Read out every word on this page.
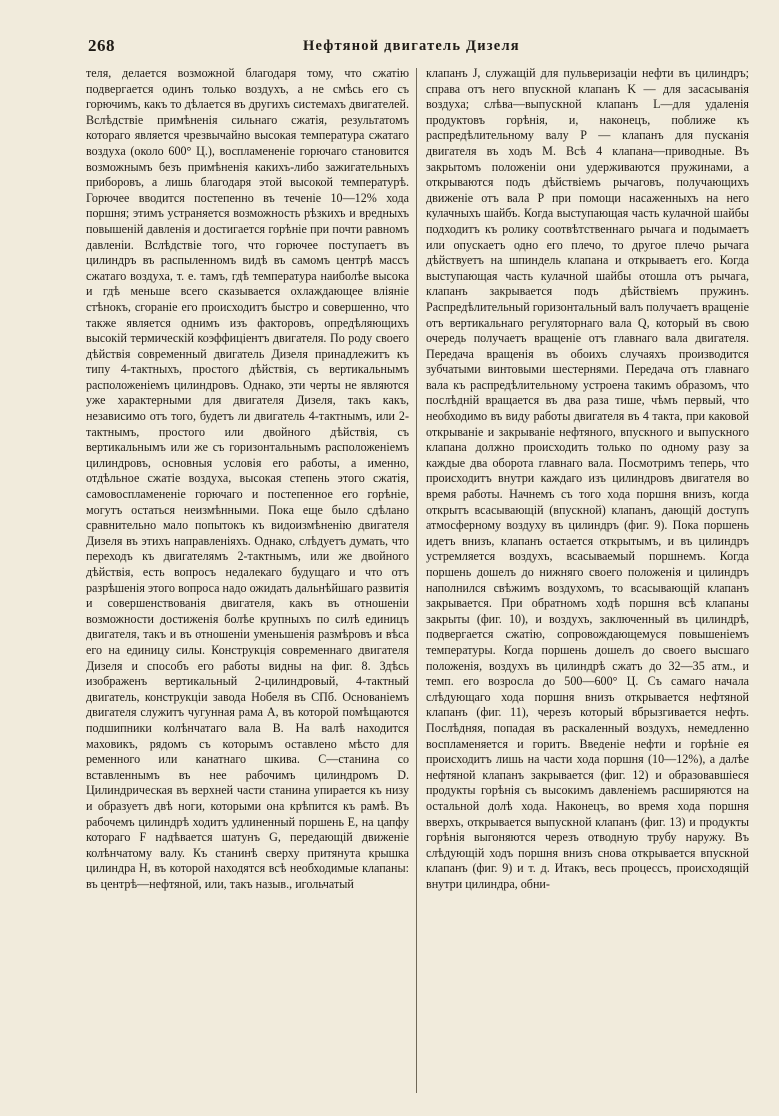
268	Нефтяной двигатель Дизеля
теля, делается возможной благодаря тому, что сжатію подвергается одинъ только воздухъ, а не смѣсь его съ горючимъ, какъ то дѣлается въ другихъ системахъ двигателей. Вслѣдствіе примѣненія сильнаго сжатія, результатомъ котораго является чрезвычайно высокая температура сжатаго воздуха (около 600° Ц.), воспламененіе горючаго становится возможнымъ безъ примѣненія какихъ-либо зажигательныхъ приборовъ, а лишь благодаря этой высокой температурѣ. Горючее вводится постепенно въ теченіе 10—12% хода поршня; этимъ устраняется возможность рѣзкихъ и вредныхъ повышеній давленія и достигается горѣніе при почти равномъ давленіи. Вслѣдствіе того, что горючее поступаетъ въ цилиндръ въ распыленномъ видѣ въ самомъ центрѣ массъ сжатаго воздуха, т. е. тамъ, гдѣ температура наиболѣе высока и гдѣ меньше всего сказывается охлаждающее вліяніе стѣнокъ, сгораніе его происходитъ быстро и совершенно, что также является однимъ изъ факторовъ, опредѣляющихъ высокій термическій коэффиціентъ двигателя. По роду своего дѣйствія современный двигатель Дизеля принадлежитъ къ типу 4-тактныхъ, простого дѣйствія, съ вертикальнымъ расположеніемъ цилиндровъ. Однако, эти черты не являются уже характерными для двигателя Дизеля, такъ какъ, независимо отъ того, будетъ ли двигатель 4-тактнымъ, или 2-тактнымъ, простого или двойного дѣйствія, съ вертикальнымъ или же съ горизонтальнымъ расположеніемъ цилиндровъ, основныя условія его работы, а именно, отдѣльное сжатіе воздуха, высокая степень этого сжатія, самовоспламененіе горючаго и постепенное его горѣніе, могутъ остаться неизмѣнными. Пока еще было сдѣлано сравнительно мало попытокъ къ видоизмѣненію двигателя Дизеля въ этихъ направленіяхъ. Однако, слѣдуетъ думать, что переходъ къ двигателямъ 2-тактнымъ, или же двойного дѣйствія, есть вопросъ недалекаго будущаго и что отъ разрѣшенія этого вопроса надо ожидать дальнѣйшаго развитія и совершенствованія двигателя, какъ въ отношеніи возможности достиженія болѣе крупныхъ по силѣ единицъ двигателя, такъ и въ отношеніи уменьшенія размѣровъ и вѣса его на единицу силы. Конструкція современнаго двигателя Дизеля и способъ его работы видны на фиг. 8. Здѣсь изображенъ вертикальный 2-цилиндровый, 4-тактный двигатель, конструкціи завода Нобеля въ СПб. Основаніемъ двигателя служитъ чугунная рама A, въ которой помѣщаются подшипники колѣнчатаго вала B. На валѣ находится маховикъ, рядомъ съ которымъ оставлено мѣсто для ременного или канатнаго шкива. C—станина со вставленнымъ въ нее рабочимъ цилиндромъ D. Цилиндрическая въ верхней части станина упирается къ низу и образуетъ двѣ ноги, которыми она крѣпится къ рамѣ. Въ рабочемъ цилиндрѣ ходитъ удлиненный поршень E, на цапфу котораго F надѣвается шатунъ G, передающій движеніе колѣнчатому валу. Къ станинѣ сверху притянута крышка цилиндра H, въ которой находятся всѣ необходимые клапаны: въ центрѣ—нефтяной, или, такъ назыв., игольчатый
клапанъ J, служащій для пульверизаціи нефти въ цилиндръ; справа отъ него впускной клапанъ K — для засасыванія воздуха; слѣва—выпускной клапанъ L—для удаленія продуктовъ горѣнія, и, наконецъ, поближе къ распредѣлительному валу P — клапанъ для пусканія двигателя въ ходъ M. Всѣ 4 клапана—приводные. Въ закрытомъ положеніи они удерживаются пружинами, а открываются подъ дѣйствіемъ рычаговъ, получающихъ движеніе отъ вала P при помощи насаженныхъ на него кулачныхъ шайбъ. Когда выступающая часть кулачной шайбы подходитъ къ ролику соотвѣтственнаго рычага и подымаетъ или опускаетъ одно его плечо, то другое плечо рычага дѣйствуетъ на шпиндель клапана и открываетъ его. Когда выступающая часть кулачной шайбы отошла отъ рычага, клапанъ закрывается подъ дѣйствіемъ пружинъ. Распредѣлительный горизонтальный валъ получаетъ вращеніе отъ вертикальнаго регуляторнаго вала Q, который въ свою очередь получаетъ вращеніе отъ главнаго вала двигателя. Передача вращенія въ обоихъ случаяхъ производится зубчатыми винтовыми шестернями. Передача отъ главнаго вала къ распредѣлительному устроена такимъ образомъ, что послѣдній вращается въ два раза тише, чѣмъ первый, что необходимо въ виду работы двигателя въ 4 такта, при каковой открываніе и закрываніе нефтяного, впускного и выпускного клапана должно происходить только по одному разу за каждые два оборота главнаго вала. Посмотримъ теперь, что происходитъ внутри каждаго изъ цилиндровъ двигателя во время работы. Начнемъ съ того хода поршня внизъ, когда открытъ всасывающій (впускной) клапанъ, дающій доступъ атмосферному воздуху въ цилиндръ (фиг. 9). Пока поршень идетъ внизъ, клапанъ остается открытымъ, и въ цилиндръ устремляется воздухъ, всасываемый поршнемъ. Когда поршень дошелъ до нижняго своего положенія и цилиндръ наполнился свѣжимъ воздухомъ, то всасывающій клапанъ закрывается. При обратномъ ходѣ поршня всѣ клапаны закрыты (фиг. 10), и воздухъ, заключенный въ цилиндрѣ, подвергается сжатію, сопровождающемуся повышеніемъ температуры. Когда поршень дошелъ до своего высшаго положенія, воздухъ въ цилиндрѣ сжатъ до 32—35 атм., и темп. его возросла до 500—600° Ц. Съ самаго начала слѣдующаго хода поршня внизъ открывается нефтяной клапанъ (фиг. 11), черезъ который вбрызгивается нефть. Послѣдняя, попадая въ раскаленный воздухъ, немедленно воспламеняется и горитъ. Введеніе нефти и горѣніе ея происходитъ лишь на части хода поршня (10—12%), а далѣе нефтяной клапанъ закрывается (фиг. 12) и образовавшіеся продукты горѣнія съ высокимъ давленіемъ расширяются на остальной долѣ хода. Наконецъ, во время хода поршня вверхъ, открывается выпускной клапанъ (фиг. 13) и продукты горѣнія выгоняются черезъ отводную трубу наружу. Въ слѣдующій ходъ поршня внизъ снова открывается впускной клапанъ (фиг. 9) и т. д. Итакъ, весь процессъ, происходящій внутри цилиндра, обни-
